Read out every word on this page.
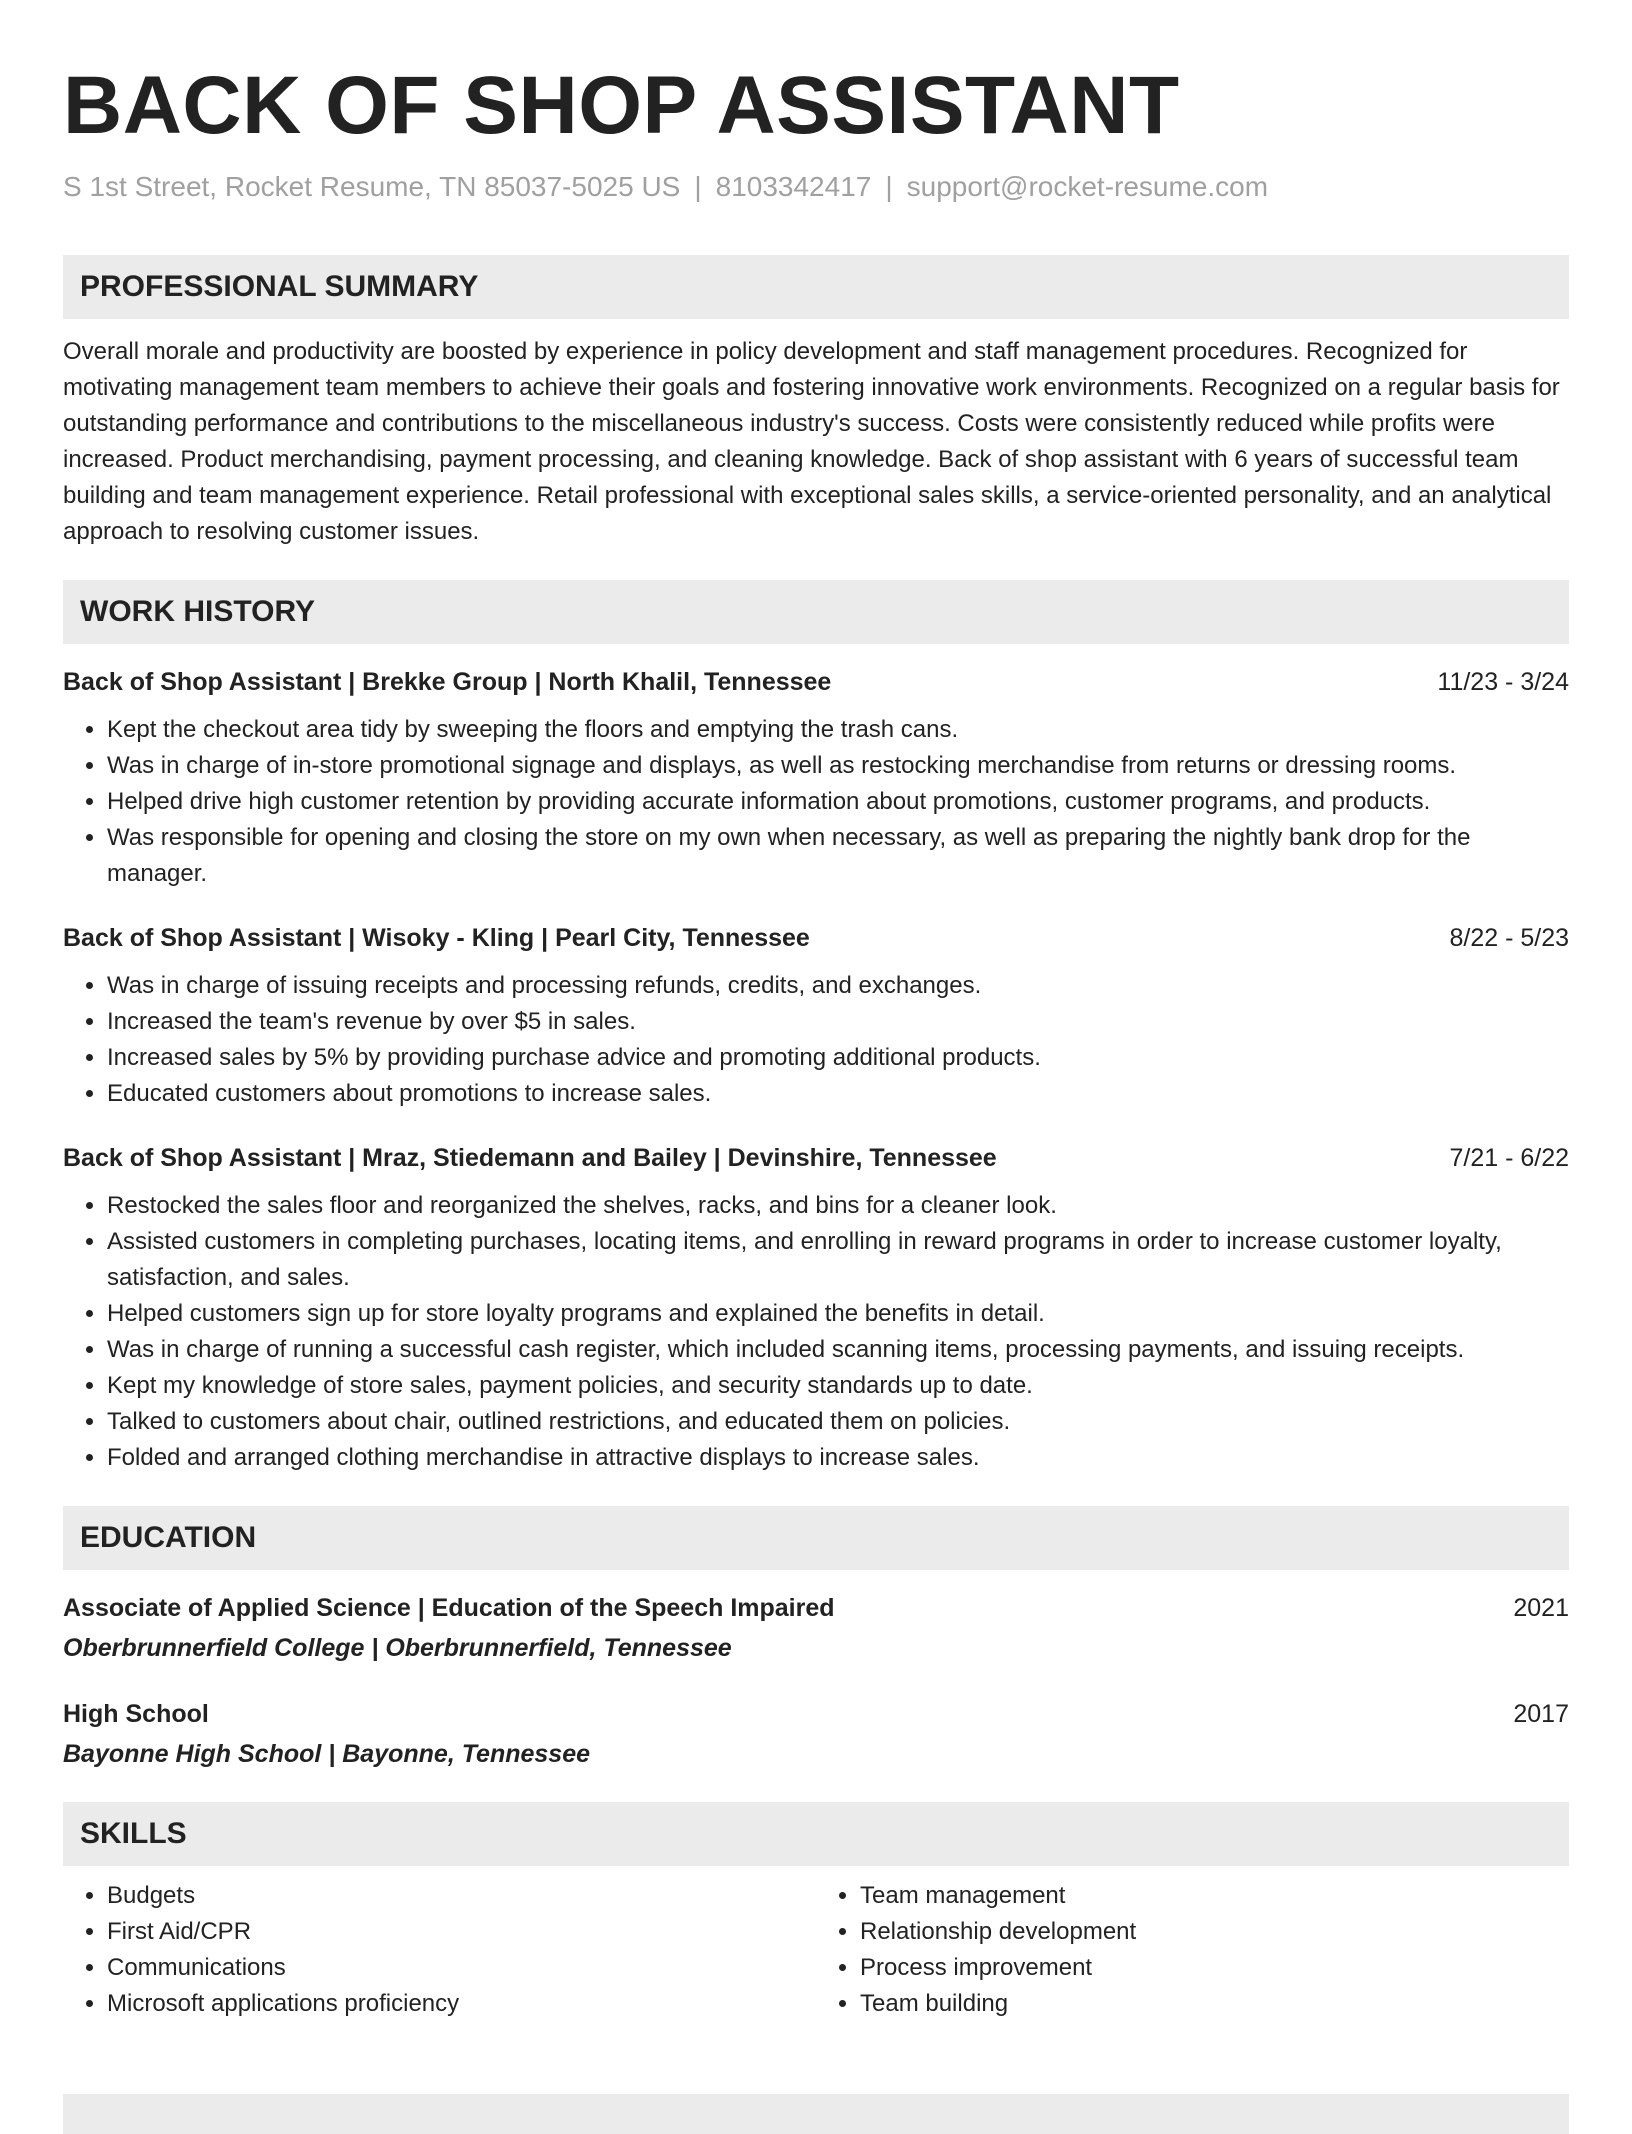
BACK OF SHOP ASSISTANT
S 1st Street, Rocket Resume, TN 85037-5025 US | 8103342417 | support@rocket-resume.com
PROFESSIONAL SUMMARY
Overall morale and productivity are boosted by experience in policy development and staff management procedures. Recognized for motivating management team members to achieve their goals and fostering innovative work environments. Recognized on a regular basis for outstanding performance and contributions to the miscellaneous industry's success. Costs were consistently reduced while profits were increased. Product merchandising, payment processing, and cleaning knowledge. Back of shop assistant with 6 years of successful team building and team management experience. Retail professional with exceptional sales skills, a service-oriented personality, and an analytical approach to resolving customer issues.
WORK HISTORY
Back of Shop Assistant | Brekke Group | North Khalil, Tennessee	11/23 - 3/24
• Kept the checkout area tidy by sweeping the floors and emptying the trash cans.
• Was in charge of in-store promotional signage and displays, as well as restocking merchandise from returns or dressing rooms.
• Helped drive high customer retention by providing accurate information about promotions, customer programs, and products.
• Was responsible for opening and closing the store on my own when necessary, as well as preparing the nightly bank drop for the manager.
Back of Shop Assistant | Wisoky - Kling | Pearl City, Tennessee	8/22 - 5/23
• Was in charge of issuing receipts and processing refunds, credits, and exchanges.
• Increased the team's revenue by over $5 in sales.
• Increased sales by 5% by providing purchase advice and promoting additional products.
• Educated customers about promotions to increase sales.
Back of Shop Assistant | Mraz, Stiedemann and Bailey | Devinshire, Tennessee	7/21 - 6/22
• Restocked the sales floor and reorganized the shelves, racks, and bins for a cleaner look.
• Assisted customers in completing purchases, locating items, and enrolling in reward programs in order to increase customer loyalty, satisfaction, and sales.
• Helped customers sign up for store loyalty programs and explained the benefits in detail.
• Was in charge of running a successful cash register, which included scanning items, processing payments, and issuing receipts.
• Kept my knowledge of store sales, payment policies, and security standards up to date.
• Talked to customers about chair, outlined restrictions, and educated them on policies.
• Folded and arranged clothing merchandise in attractive displays to increase sales.
EDUCATION
Associate of Applied Science | Education of the Speech Impaired	2021
Oberbrunnerfield College | Oberbrunnerfield, Tennessee
High School	2017
Bayonne High School | Bayonne, Tennessee
SKILLS
• Budgets
• First Aid/CPR
• Communications
• Microsoft applications proficiency
• Team management
• Relationship development
• Process improvement
• Team building
